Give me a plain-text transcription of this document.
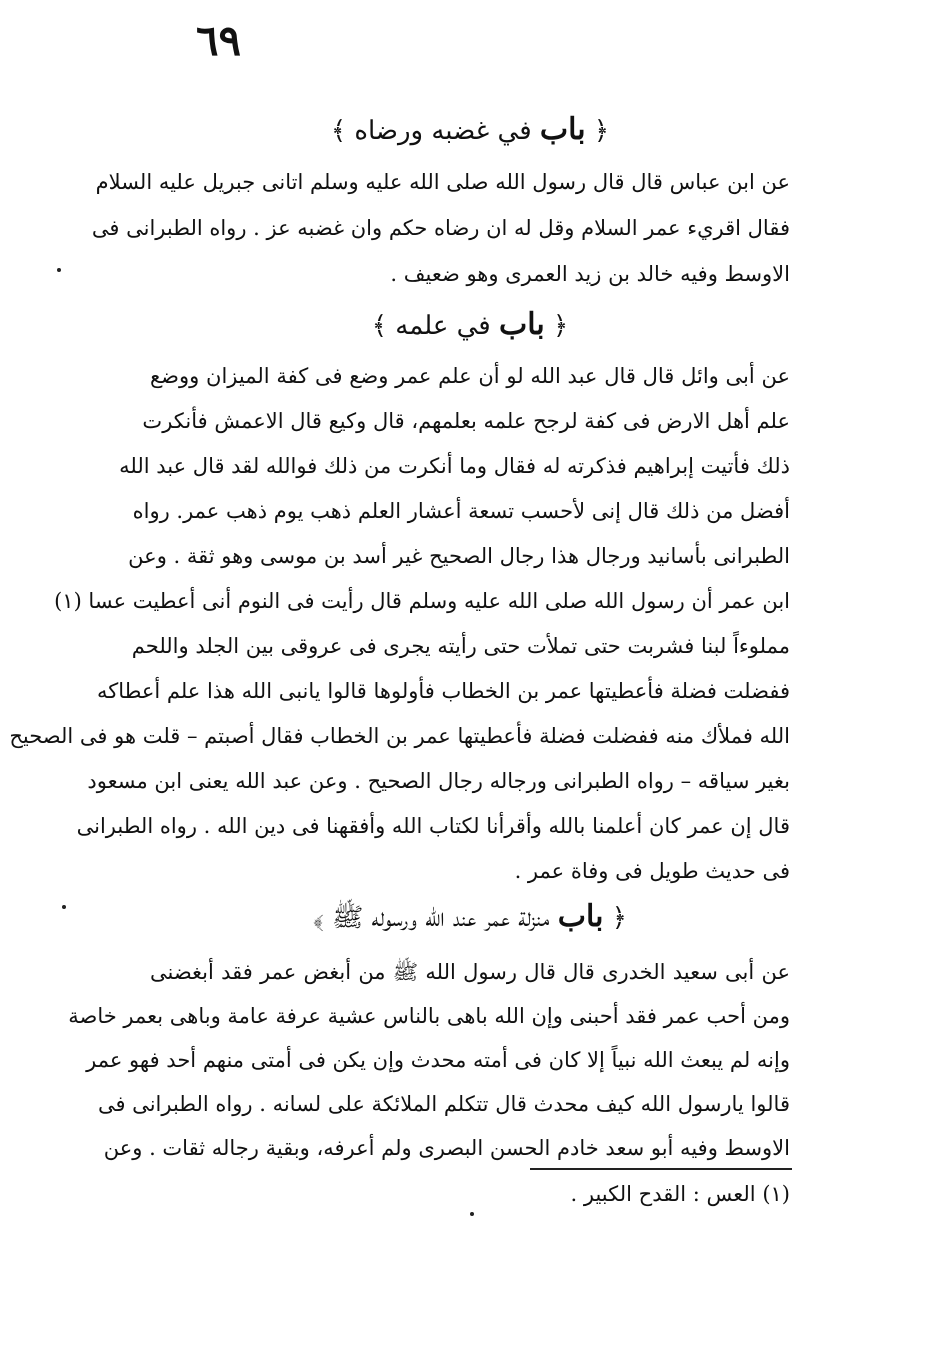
٦٩
﴿ باب في غضبه ورضاه ﴾
عن ابن عباس قال قال رسول الله صلى الله عليه وسلم اتانى جبريل عليه السلام
فقال اقريء عمر السلام وقل له ان رضاه حكم وان غضبه عز . رواه الطبرانى فى
الاوسط وفيه خالد بن زيد العمرى وهو ضعيف .
﴿ باب في علمه ﴾
عن أبى وائل قال قال عبد الله لو أن علم عمر وضع فى كفة الميزان ووضع
علم أهل الارض فى كفة لرجح علمه بعلمهم، قال وكيع قال الاعمش فأنكرت
ذلك فأتيت إبراهيم فذكرته له فقال وما أنكرت من ذلك فوالله لقد قال عبد الله
أفضل من ذلك قال إنى لأحسب تسعة أعشار العلم ذهب يوم ذهب عمر. رواه
الطبرانى بأسانيد ورجال هذا رجال الصحيح غير أسد بن موسى وهو ثقة . وعن
ابن عمر أن رسول الله صلى الله عليه وسلم قال رأيت فى النوم أنى أعطيت عسا (١)
مملوءاً لبنا فشربت حتى تملأت حتى رأيته يجرى فى عروقى بين الجلد واللحم
ففضلت فضلة فأعطيتها عمر بن الخطاب فأولوها قالوا يانبى الله هذا علم أعطاكه
الله فملأك منه ففضلت فضلة فأعطيتها عمر بن الخطاب فقال أصبتم – قلت هو فى الصحيح
بغير سياقه – رواه الطبرانى ورجاله رجال الصحيح . وعن عبد الله يعنى ابن مسعود
قال إن عمر كان أعلمنا بالله وأقرأنا لكتاب الله وأفقهنا فى دين الله . رواه الطبرانى
فى حديث طويل فى وفاة عمر .
﴿ باب منزلة عمر عند الله ورسوله ﷺ ﴾
عن أبى سعيد الخدرى قال قال رسول الله ﷺ من أبغض عمر فقد أبغضنى
ومن أحب عمر فقد أحبنى وإن الله باهى بالناس عشية عرفة عامة وباهى بعمر خاصة
وإنه لم يبعث الله نبياً إلا كان فى أمته محدث وإن يكن فى أمتى منهم أحد فهو عمر
قالوا يارسول الله كيف محدث قال تتكلم الملائكة على لسانه . رواه الطبرانى فى
الاوسط وفيه أبو سعد خادم الحسن البصرى ولم أعرفه، وبقية رجاله ثقات . وعن
(١) العس : القدح الكبير .
